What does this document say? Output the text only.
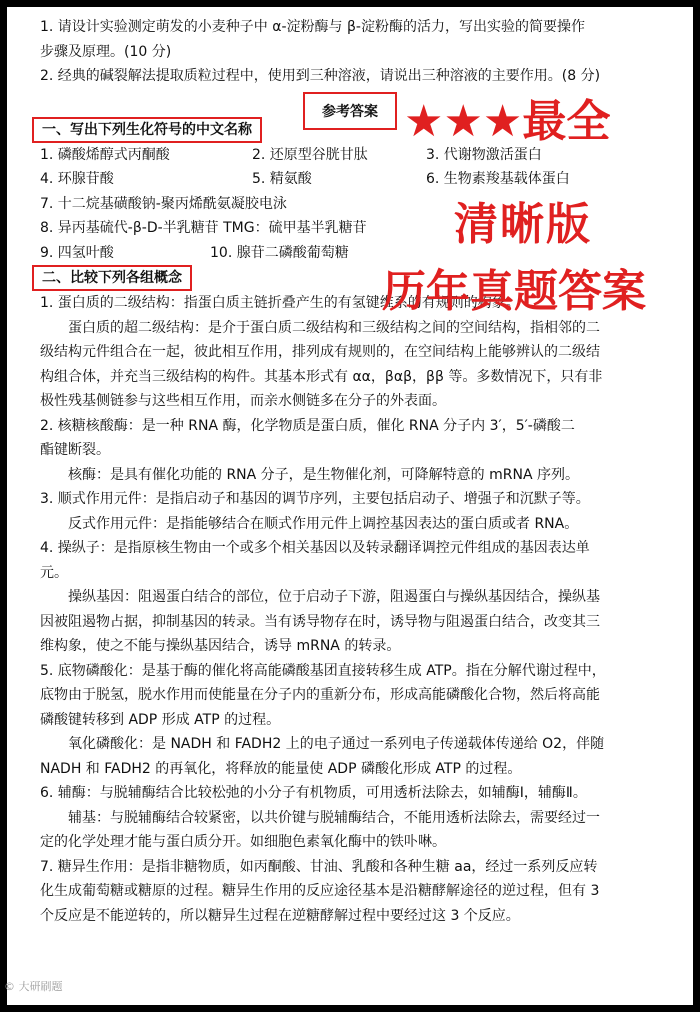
1. 请设计实验测定萌发的小麦种子中 α-淀粉酶与 β-淀粉酶的活力，写出实验的简要操作
步骤及原理。(10 分)
2. 经典的碱裂解法提取质粒过程中，使用到三种溶液，请说出三种溶液的主要作用。(8 分)
一、写出下列生化符号的中文名称
1. 磷酸烯醇式丙酮酸	2. 还原型谷胱甘肽	3. 代谢物激活蛋白
4. 环腺苷酸	5. 精氨酸	6. 生物素羧基载体蛋白
7. 十二烷基磺酸钠-聚丙烯酰氨凝胶电泳
8. 异丙基硫代-β-D-半乳糖苷 TMG：硫甲基半乳糖苷
9. 四氢叶酸	10. 腺苷二磷酸葡萄糖
二、比较下列各组概念
1. 蛋白质的二级结构：指蛋白质主链折叠产生的有氢键维系的有规则的构象。
蛋白质的超二级结构：是介于蛋白质二级结构和三级结构之间的空间结构，指相邻的二
级结构元件组合在一起，彼此相互作用，排列成有规则的，在空间结构上能够辨认的二级结
构组合体，并充当三级结构的构件。其基本形式有 αα，βαβ，ββ 等。多数情况下，只有非
极性残基侧链参与这些相互作用，而亲水侧链多在分子的外表面。
2. 核糖核酸酶：是一种 RNA 酶，化学物质是蛋白质，催化 RNA 分子内 3′，5′-磷酸二
酯键断裂。
核酶：是具有催化功能的 RNA 分子，是生物催化剂，可降解特意的 mRNA 序列。
3. 顺式作用元件：是指启动子和基因的调节序列，主要包括启动子、增强子和沉默子等。
反式作用元件：是指能够结合在顺式作用元件上调控基因表达的蛋白质或者 RNA。
4. 操纵子：是指原核生物由一个或多个相关基因以及转录翻译调控元件组成的基因表达单
元。
操纵基因：阻遏蛋白结合的部位，位于启动子下游，阻遏蛋白与操纵基因结合，操纵基
因被阻遏物占据，抑制基因的转录。当有诱导物存在时，诱导物与阻遏蛋白结合，改变其三
维构象，使之不能与操纵基因结合，诱导 mRNA 的转录。
5. 底物磷酸化：是基于酶的催化将高能磷酸基团直接转移生成 ATP。指在分解代谢过程中，
底物由于脱氢，脱水作用而使能量在分子内的重新分布，形成高能磷酸化合物，然后将高能
磷酸键转移到 ADP 形成 ATP 的过程。
氧化磷酸化：是 NADH 和 FADH2 上的电子通过一系列电子传递载体传递给 O2，伴随
NADH 和 FADH2 的再氧化，将释放的能量使 ADP 磷酸化形成 ATP 的过程。
6. 辅酶：与脱辅酶结合比较松弛的小分子有机物质，可用透析法除去，如辅酶Ⅰ，辅酶Ⅱ。
辅基：与脱辅酶结合较紧密，以共价键与脱辅酶结合，不能用透析法除去，需要经过一
定的化学处理才能与蛋白质分开。如细胞色素氧化酶中的铁卟啉。
7. 糖异生作用：是指非糖物质，如丙酮酸、甘油、乳酸和各种生糖 aa，经过一系列反应转
化生成葡萄糖或糖原的过程。糖异生作用的反应途径基本是沿糖酵解途径的逆过程，但有 3
个反应是不能逆转的，所以糖异生过程在逆糖酵解过程中要经过这 3 个反应。
参考答案 ★★★最全
清晰版
历年真题答案
© 大研刷题
